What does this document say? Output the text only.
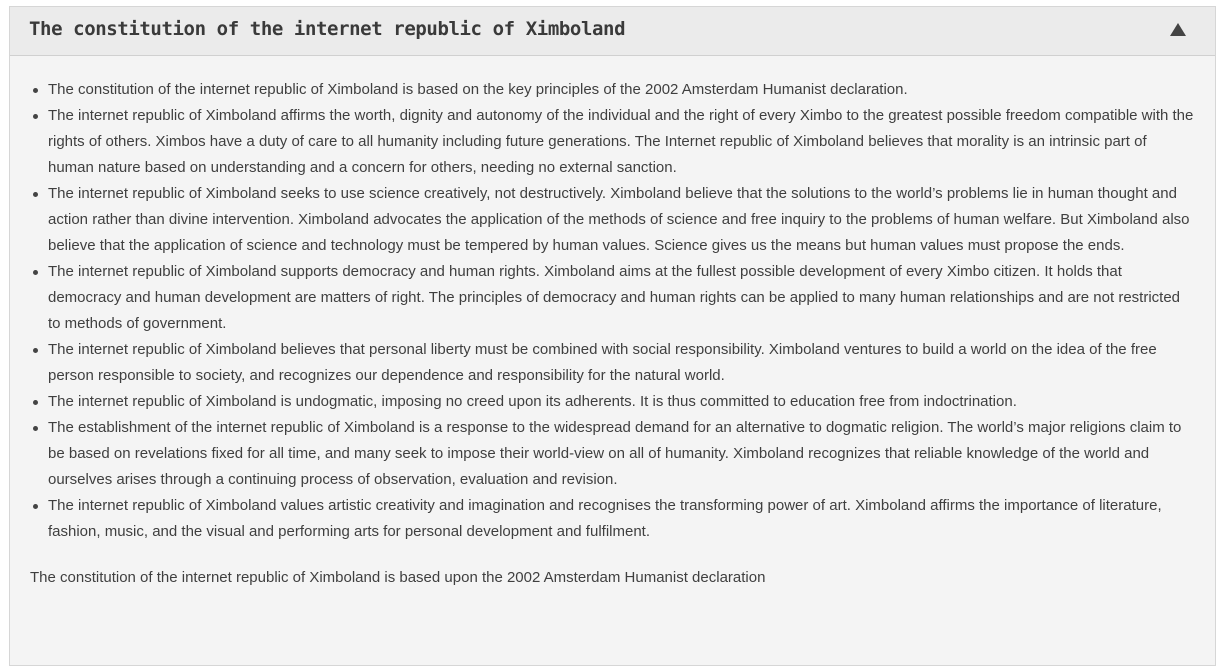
The constitution of the internet republic of Ximboland
The constitution of the internet republic of Ximboland is based on the key principles of the 2002 Amsterdam Humanist declaration.
The internet republic of Ximboland affirms the worth, dignity and autonomy of the individual and the right of every Ximbo to the greatest possible freedom compatible with the rights of others. Ximbos have a duty of care to all humanity including future generations. The Internet republic of Ximboland believes that morality is an intrinsic part of human nature based on understanding and a concern for others, needing no external sanction.
The internet republic of Ximboland seeks to use science creatively, not destructively. Ximboland believe that the solutions to the world’s problems lie in human thought and action rather than divine intervention. Ximboland advocates the application of the methods of science and free inquiry to the problems of human welfare. But Ximboland also believe that the application of science and technology must be tempered by human values. Science gives us the means but human values must propose the ends.
The internet republic of Ximboland supports democracy and human rights. Ximboland aims at the fullest possible development of every Ximbo citizen. It holds that democracy and human development are matters of right. The principles of democracy and human rights can be applied to many human relationships and are not restricted to methods of government.
The internet republic of Ximboland believes that personal liberty must be combined with social responsibility. Ximboland ventures to build a world on the idea of the free person responsible to society, and recognizes our dependence and responsibility for the natural world.
The internet republic of Ximboland is undogmatic, imposing no creed upon its adherents. It is thus committed to education free from indoctrination.
The establishment of the internet republic of Ximboland is a response to the widespread demand for an alternative to dogmatic religion. The world’s major religions claim to be based on revelations fixed for all time, and many seek to impose their world-view on all of humanity. Ximboland recognizes that reliable knowledge of the world and ourselves arises through a continuing process of observation, evaluation and revision.
The internet republic of Ximboland values artistic creativity and imagination and recognises the transforming power of art. Ximboland affirms the importance of literature, fashion, music, and the visual and performing arts for personal development and fulfilment.

The constitution of the internet republic of Ximboland is based upon the 2002 Amsterdam Humanist declaration
